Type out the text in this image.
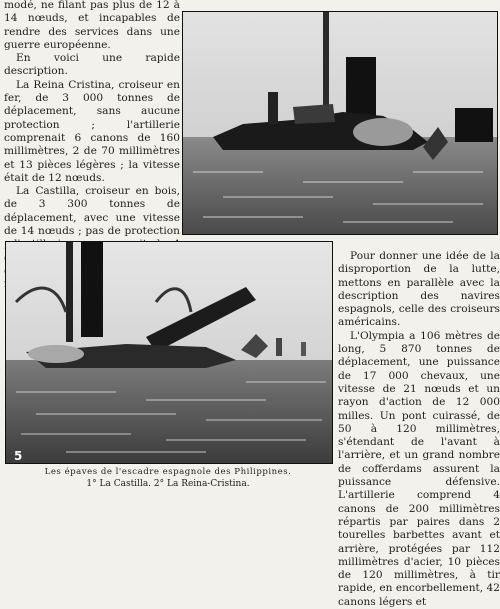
modé, ne filant pas plus de 12 à 14 nœuds, et incapables de rendre des services dans une guerre européenne.

En voici une rapide description.

La Reina Cristina, croiseur en fer, de 3 000 tonnes de déplacement, sans aucune protection ; l'artillerie comprenait 6 canons de 160 millimètres, 2 de 70 millimètres et 13 pièces légères ; la vitesse était de 12 nœuds.

La Castilla, croiseur en bois, de 3 300 tonnes de déplacement, avec une vitesse de 14 nœuds ; pas de protection

5
Les épaves de l'escadre espagnole des Philippines.
1° La Castilla. 2° La Reina-Cristina.

Pour donner une idée de la disproportion de la lutte, mettons en parallèle avec la description des navires espagnols, celle des croiseurs américains.

L'Olympia a 106 mètres de long, 5 870 tonnes de déplacement, une puissance de 17 000 chevaux, une vitesse de 21 nœuds et un rayon d'action de 12 000 milles. Un pont cuirassé, de 50 à 120 millimètres, s'étendant de l'avant à l'arrière, et un grand nombre de cofferdams assurent la puissance défensive. L'artillerie comprend 4 canons de 200 millimètres répartis par paires dans 2 tourelles barbettes avant et arrière, protégées par 112 millimètres d'acier, 10 pièces de 120 millimètres, à tir rapide, en encorbellement, 42 canons légers et
